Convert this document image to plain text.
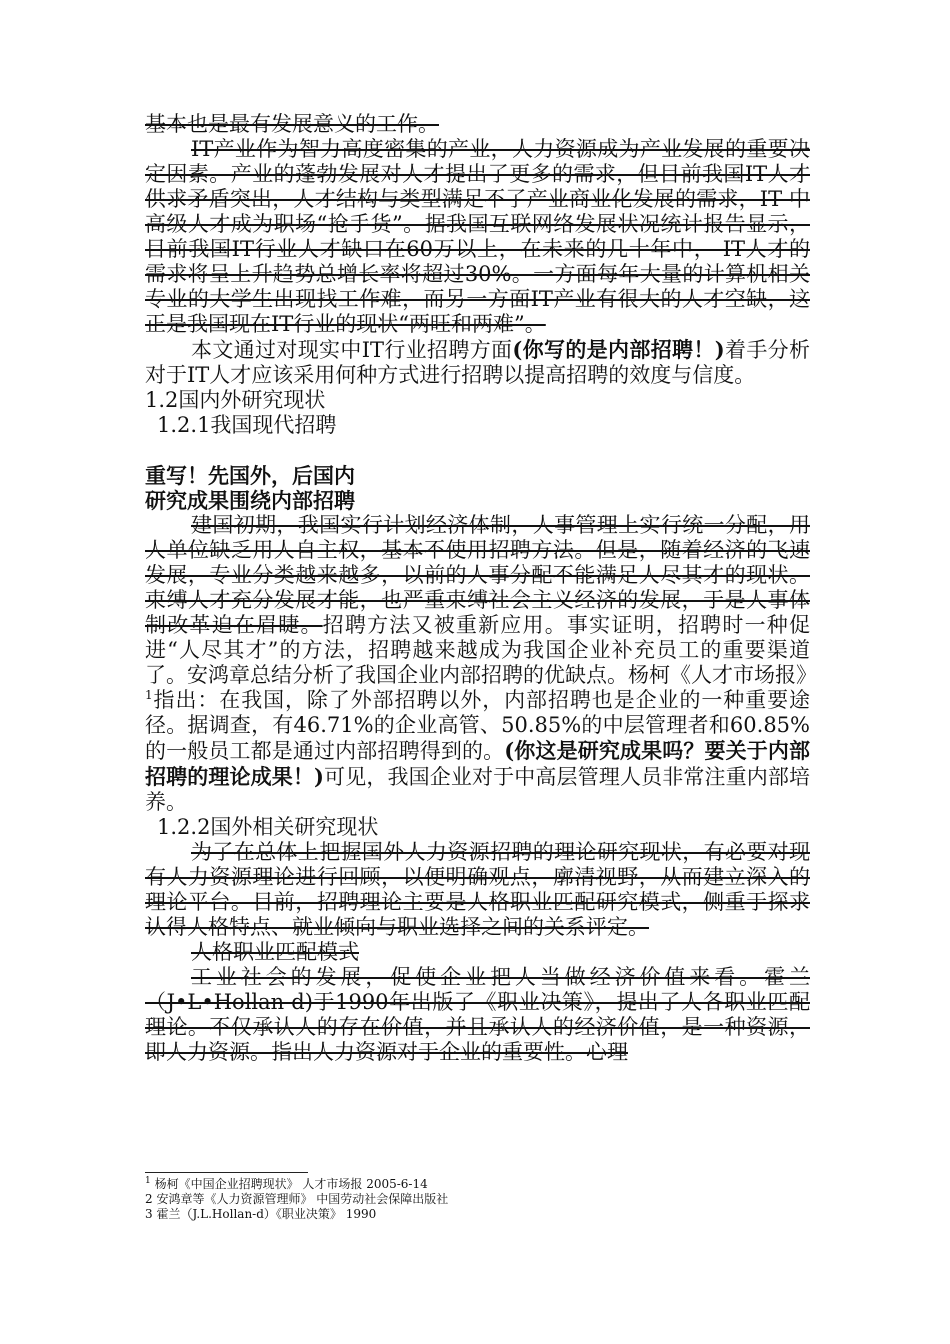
基本也是最有发展意义的工作。

IT产业作为智力高度密集的产业，人力资源成为产业发展的重要决定因素。产业的蓬勃发展对人才提出了更多的需求，但目前我国IT人才供求矛盾突出，人才结构与类型满足不了产业商业化发展的需求，IT 中高级人才成为职场“抢手货”。据我国互联网络发展状况统计报告显示，目前我国IT行业人才缺口在60万以上，在未来的几十年中， IT人才的需求将呈上升趋势总增长率将超过30%。一方面每年大量的计算机相关专业的大学生出现找工作难，而另一方面IT产业有很大的人才空缺，这正是我国现在IT行业的现状“两旺和两难”。

本文通过对现实中IT行业招聘方面(你写的是内部招聘！)着手分析对于IT人才应该采用何种方式进行招聘以提高招聘的效度与信度。

1.2国内外研究现状

1.2.1我国现代招聘

重写！先国外，后国内

研究成果围绕内部招聘

建国初期，我国实行计划经济体制，人事管理上实行统一分配，用人单位缺乏用人自主权，基本不使用招聘方法。但是，随着经济的飞速发展，专业分类越来越多，以前的人事分配不能满足人尽其才的现状。束缚人才充分发展才能，也严重束缚社会主义经济的发展，于是人事体制改革迫在眉睫。招聘方法又被重新应用。事实证明，招聘时一种促进“人尽其才”的方法，招聘越来越成为我国企业补充员工的重要渠道了。安鸿章总结分析了我国企业内部招聘的优缺点。杨柯《人才市场报》$^1$指出：在我国，除了外部招聘以外，内部招聘也是企业的一种重要途径。据调查，有46.71%的企业高管、50.85%的中层管理者和60.85%的一般员工都是通过内部招聘得到的。(你这是研究成果吗？要关于内部招聘的理论成果！)可见，我国企业对于中高层管理人员非常注重内部培养。

1.2.2国外相关研究现状

为了在总体上把握国外人力资源招聘的理论研究现状，有必要对现有人力资源理论进行回顾，以便明确观点，廓清视野，从而建立深入的理论平台。目前，招聘理论主要是人格职业匹配研究模式，侧重于探求认得人格特点、就业倾向与职业选择之间的关系评定。

人格职业匹配模式

工业社会的发展，促使企业把人当做经济价值来看。霍兰（J•L•Hollan-d)于1990年出版了《职业决策》，提出了人各职业匹配理论。不仅承认人的存在价值，并且承认人的经济价值，是一种资源，即人力资源。指出人力资源对于企业的重要性。心理

$^1$ 杨柯《中国企业招聘现状》 人才市场报 2005-6-14

2 安鸿章等《人力资源管理师》 中国劳动社会保障出版社

3 霍兰（J.L.Hollan-d）《职业决策》 1990
